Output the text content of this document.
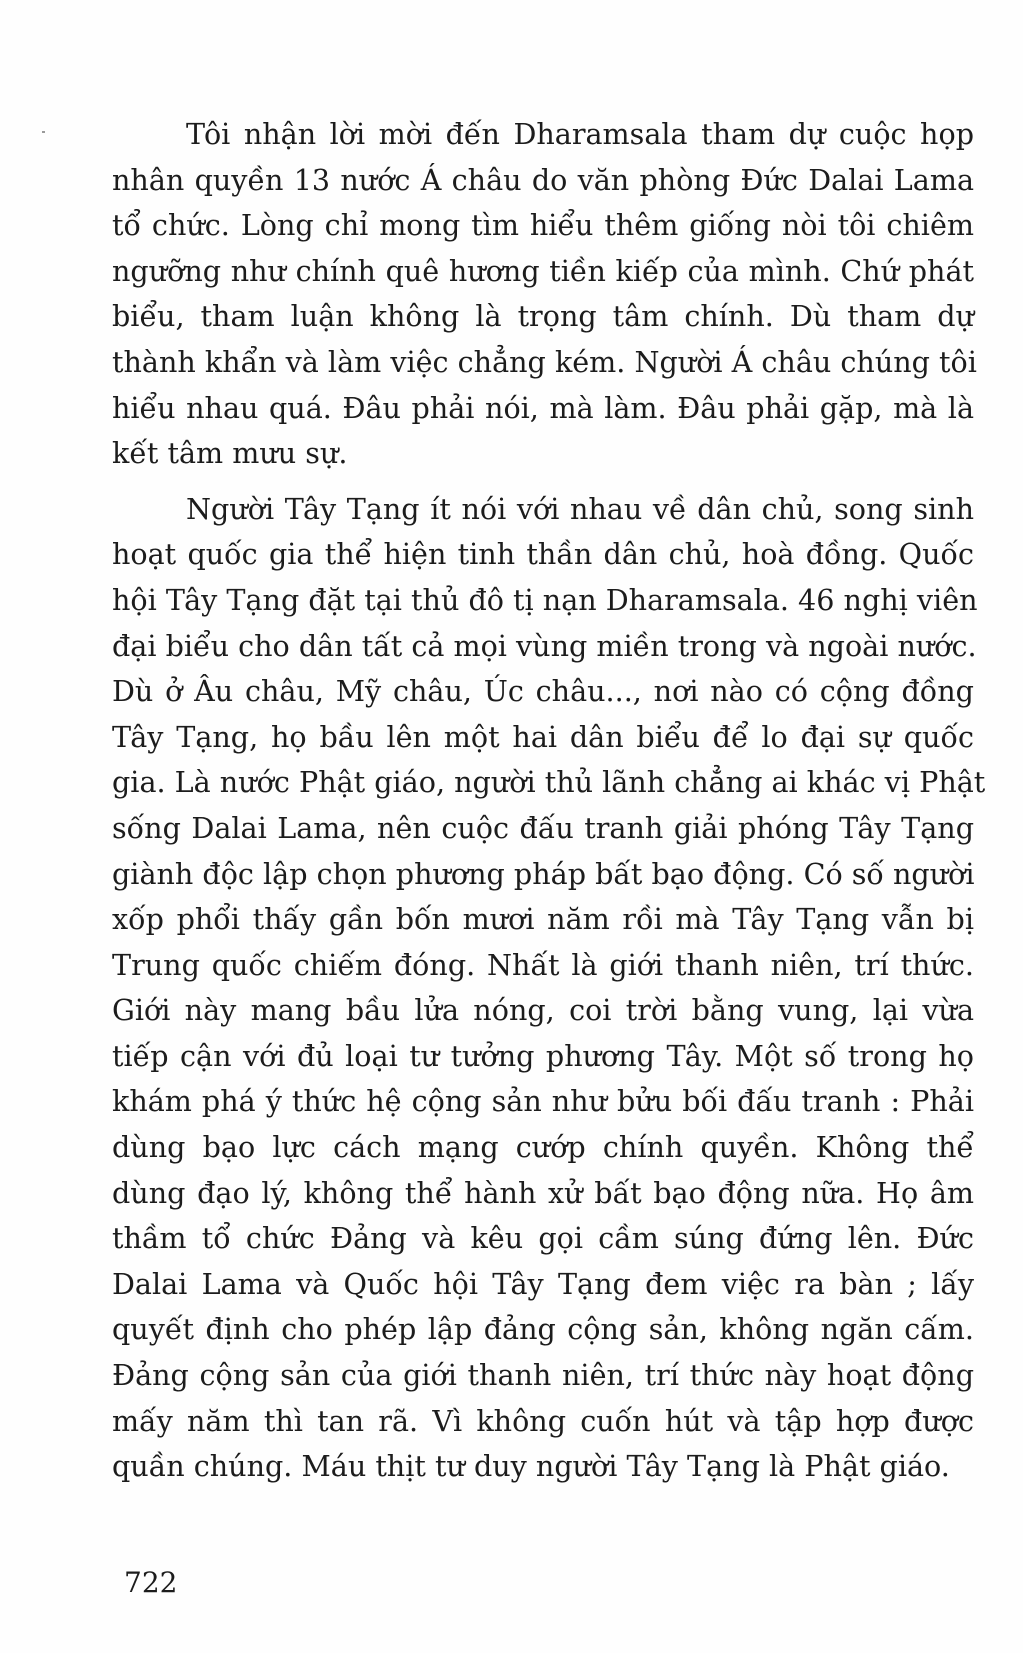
Tôi nhận lời mời đến Dharamsala tham dự cuộc họp
nhân quyền 13 nước Á châu do văn phòng Đức Dalai Lama
tổ chức. Lòng chỉ mong tìm hiểu thêm giống nòi tôi chiêm
ngưỡng như chính quê hương tiền kiếp của mình. Chứ phát
biểu, tham luận không là trọng tâm chính. Dù tham dự
thành khẩn và làm việc chẳng kém. Người Á châu chúng tôi
hiểu nhau quá. Đâu phải nói, mà làm. Đâu phải gặp, mà là
kết tâm mưu sự.
Người Tây Tạng ít nói với nhau về dân chủ, song sinh
hoạt quốc gia thể hiện tinh thần dân chủ, hoà đồng. Quốc
hội Tây Tạng đặt tại thủ đô tị nạn Dharamsala. 46 nghị viên
đại biểu cho dân tất cả mọi vùng miền trong và ngoài nước.
Dù ở Âu châu, Mỹ châu, Úc châu..., nơi nào có cộng đồng
Tây Tạng, họ bầu lên một hai dân biểu để lo đại sự quốc
gia. Là nước Phật giáo, người thủ lãnh chẳng ai khác vị Phật
sống Dalai Lama, nên cuộc đấu tranh giải phóng Tây Tạng
giành độc lập chọn phương pháp bất bạo động. Có số người
xốp phổi thấy gần bốn mươi năm rồi mà Tây Tạng vẫn bị
Trung quốc chiếm đóng. Nhất là giới thanh niên, trí thức.
Giới này mang bầu lửa nóng, coi trời bằng vung, lại vừa
tiếp cận với đủ loại tư tưởng phương Tây. Một số trong họ
khám phá ý thức hệ cộng sản như bửu bối đấu tranh : Phải
dùng bạo lực cách mạng cướp chính quyền. Không thể
dùng đạo lý, không thể hành xử bất bạo động nữa. Họ âm
thầm tổ chức Đảng và kêu gọi cầm súng đứng lên. Đức
Dalai Lama và Quốc hội Tây Tạng đem việc ra bàn ; lấy
quyết định cho phép lập đảng cộng sản, không ngăn cấm.
Đảng cộng sản của giới thanh niên, trí thức này hoạt động
mấy năm thì tan rã. Vì không cuốn hút và tập hợp được
quần chúng. Máu thịt tư duy người Tây Tạng là Phật giáo.
722
